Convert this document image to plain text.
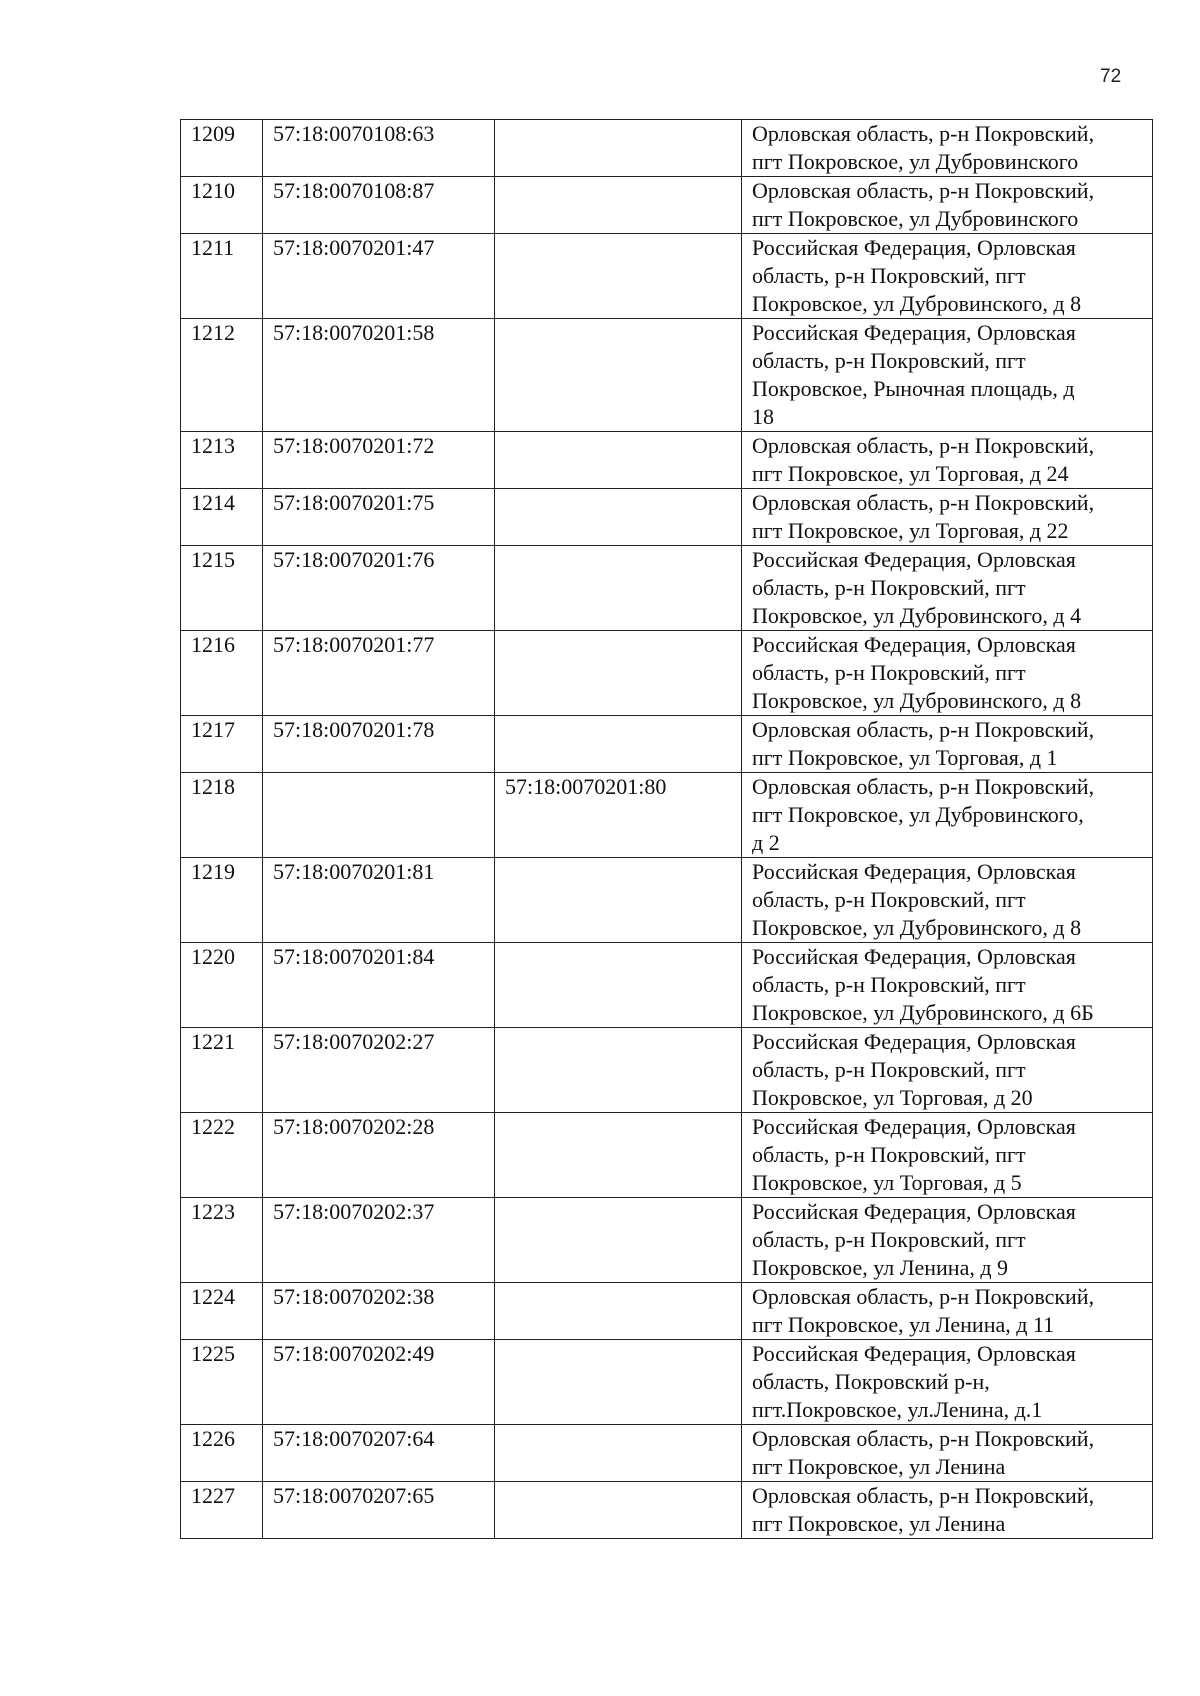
72
1209	57:18:0070108:63		Орловская область, р-н Покровский,
пгт Покровское, ул Дубровинского
1210	57:18:0070108:87		Орловская область, р-н Покровский,
пгт Покровское, ул Дубровинского
1211	57:18:0070201:47		Российская Федерация, Орловская
область, р-н Покровский, пгт
Покровское, ул Дубровинского, д 8
1212	57:18:0070201:58		Российская Федерация, Орловская
область, р-н Покровский, пгт
Покровское, Рыночная площадь, д
18
1213	57:18:0070201:72		Орловская область, р-н Покровский,
пгт Покровское, ул Торговая, д 24
1214	57:18:0070201:75		Орловская область, р-н Покровский,
пгт Покровское, ул Торговая, д 22
1215	57:18:0070201:76		Российская Федерация, Орловская
область, р-н Покровский, пгт
Покровское, ул Дубровинского, д 4
1216	57:18:0070201:77		Российская Федерация, Орловская
область, р-н Покровский, пгт
Покровское, ул Дубровинского, д 8
1217	57:18:0070201:78		Орловская область, р-н Покровский,
пгт Покровское, ул Торговая, д 1
1218		57:18:0070201:80	Орловская область, р-н Покровский,
пгт Покровское, ул Дубровинского,
д 2
1219	57:18:0070201:81		Российская Федерация, Орловская
область, р-н Покровский, пгт
Покровское, ул Дубровинского, д 8
1220	57:18:0070201:84		Российская Федерация, Орловская
область, р-н Покровский, пгт
Покровское, ул Дубровинского, д 6Б
1221	57:18:0070202:27		Российская Федерация, Орловская
область, р-н Покровский, пгт
Покровское, ул Торговая, д 20
1222	57:18:0070202:28		Российская Федерация, Орловская
область, р-н Покровский, пгт
Покровское, ул Торговая, д 5
1223	57:18:0070202:37		Российская Федерация, Орловская
область, р-н Покровский, пгт
Покровское, ул Ленина, д 9
1224	57:18:0070202:38		Орловская область, р-н Покровский,
пгт Покровское, ул Ленина, д 11
1225	57:18:0070202:49		Российская Федерация, Орловская
область, Покровский р-н,
пгт.Покровское, ул.Ленина, д.1
1226	57:18:0070207:64		Орловская область, р-н Покровский,
пгт Покровское, ул Ленина
1227	57:18:0070207:65		Орловская область, р-н Покровский,
пгт Покровское, ул Ленина
